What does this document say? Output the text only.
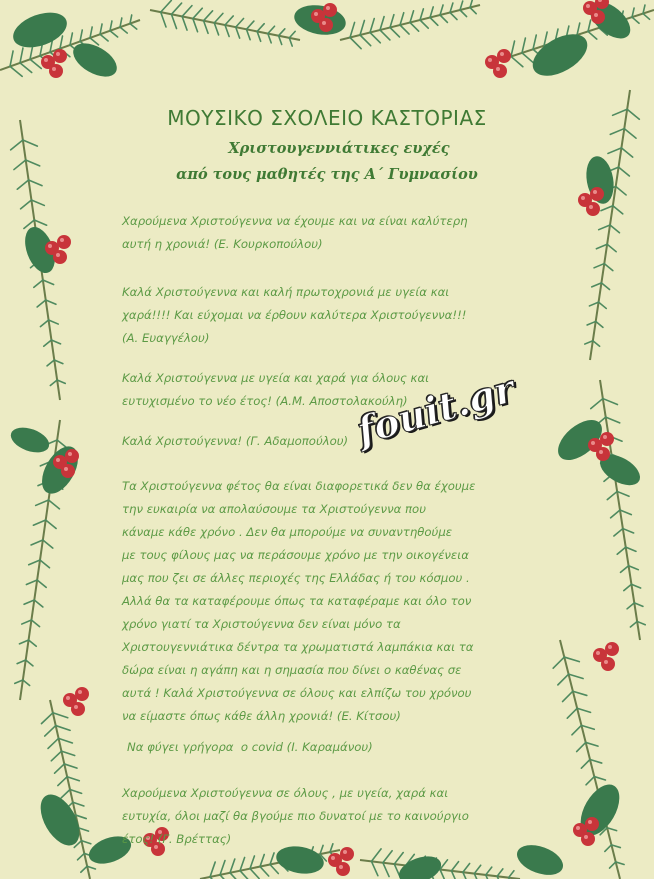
ΜΟΥΣΙΚΟ ΣΧΟΛΕΙΟ ΚΑΣΤΟΡΙΑΣ
Χριστουγεννιάτικες ευχές
από τους μαθητές της Α΄ Γυμνασίου

Χαρούμενα Χριστούγεννα να έχουμε και να είναι καλύτερη
αυτή η χρονιά! (Ε. Κουρκοπούλου)

Καλά Χριστούγεννα και καλή πρωτοχρονιά με υγεία και
χαρά!!!! Και εύχομαι να έρθουν καλύτερα Χριστούγεννα!!!
(Α. Ευαγγέλου)

Καλά Χριστούγεννα με υγεία και χαρά για όλους και
ευτυχισμένο το νέο έτος! (Α.Μ. Αποστολακούλη)

Καλά Χριστούγεννα! (Γ. Αδαμοπούλου)

Τα Χριστούγεννα φέτος θα είναι διαφορετικά δεν θα έχουμε
την ευκαιρία να απολαύσουμε τα Χριστούγεννα που
κάναμε κάθε χρόνο . Δεν θα μπορούμε να συναντηθούμε
με τους φίλους μας να περάσουμε χρόνο με την οικογένεια
μας που ζει σε άλλες περιοχές της Ελλάδας ή του κόσμου .
Αλλά θα τα καταφέρουμε όπως τα καταφέραμε και όλο τον
χρόνο γιατί τα Χριστούγεννα δεν είναι μόνο τα
Χριστουγεννιάτικα δέντρα τα χρωματιστά λαμπάκια και τα
δώρα είναι η αγάπη και η σημασία που δίνει ο καθένας σε
αυτά ! Καλά Χριστούγεννα σε όλους και ελπίζω του χρόνου
να είμαστε όπως κάθε άλλη χρονιά! (Ε. Κίτσου)

Να φύγει γρήγορα  ο covid (Ι. Καραμάνου)

Χαρούμενα Χριστούγεννα σε όλους , με υγεία, χαρά και
ευτυχία, όλοι μαζί θα βγούμε πιο δυνατοί με το καινούργιο
έτος! (Γ. Βρέττας)

fouit.gr
